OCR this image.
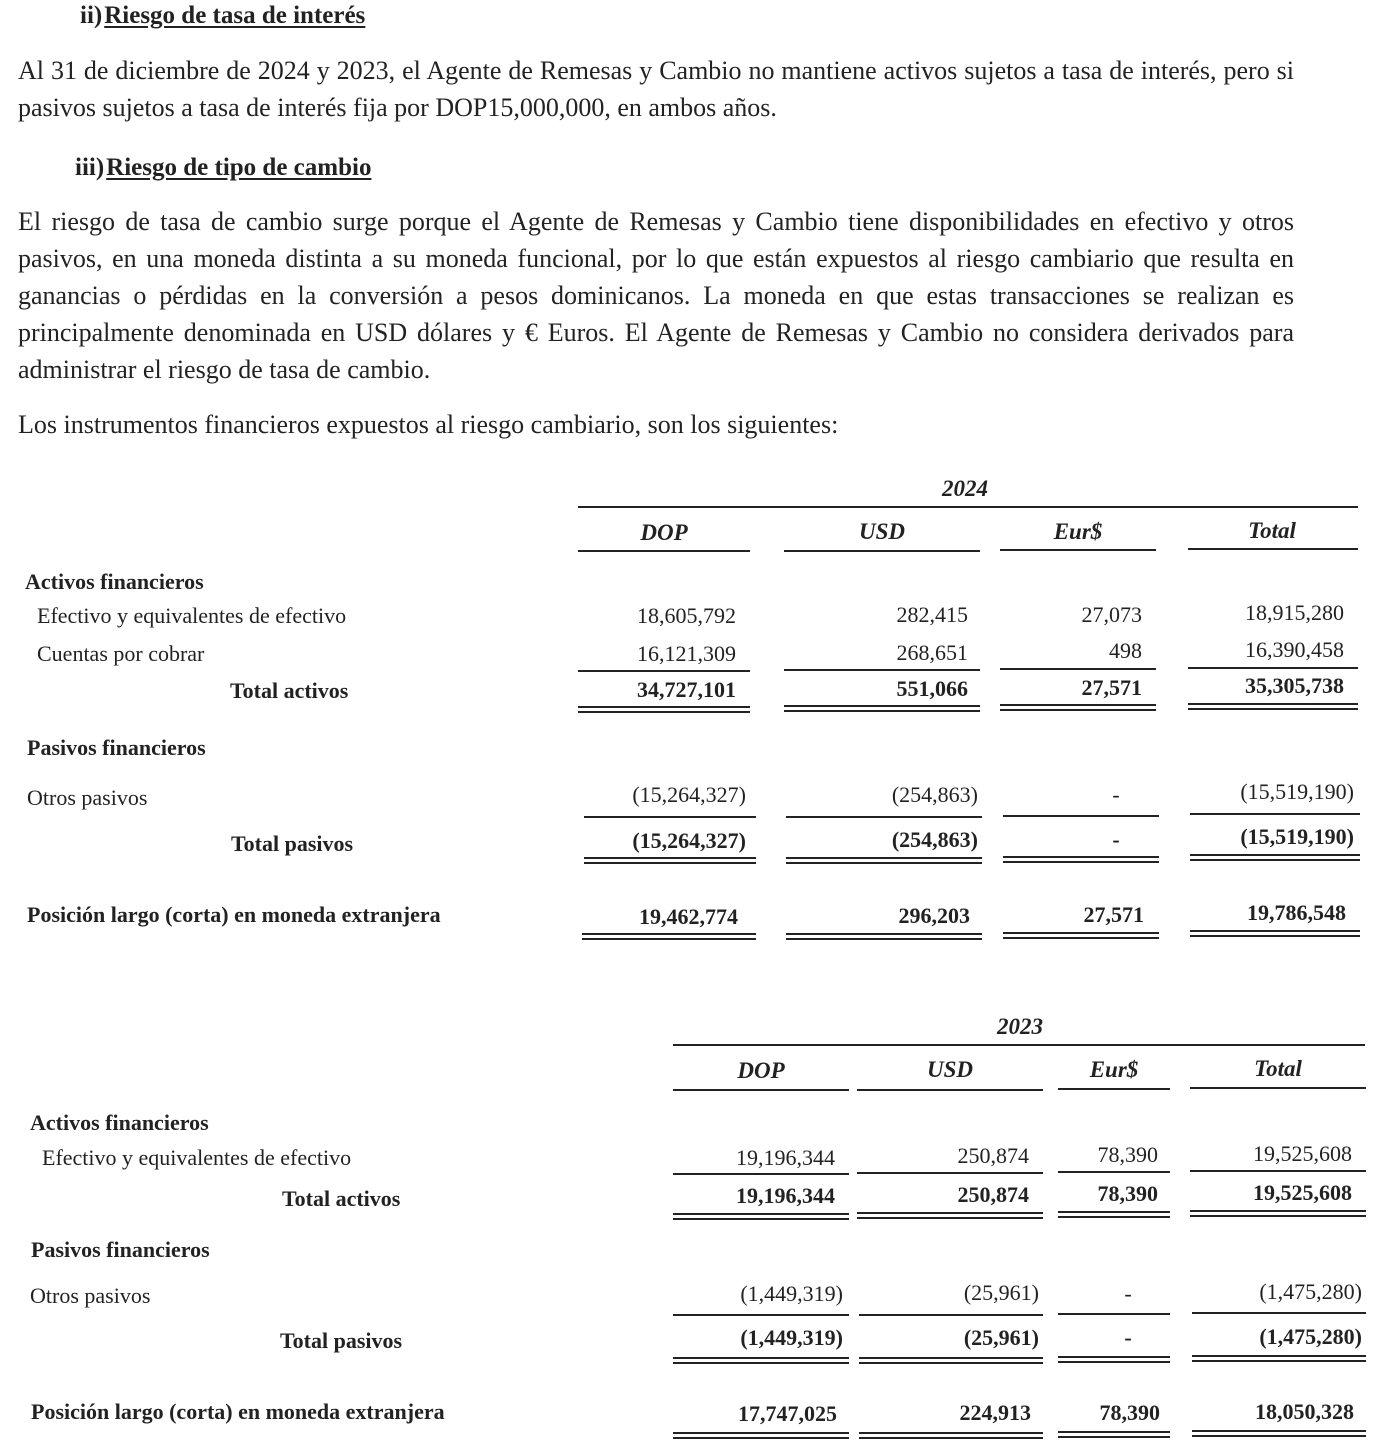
ii)Riesgo de tasa de interés

Al 31 de diciembre de 2024 y 2023, el Agente de Remesas y Cambio no mantiene activos sujetos a tasa de interés, pero si pasivos sujetos a tasa de interés fija por DOP15,000,000, en ambos años.

iii)Riesgo de tipo de cambio

El riesgo de tasa de cambio surge porque el Agente de Remesas y Cambio tiene disponibilidades en efectivo y otros pasivos, en una moneda distinta a su moneda funcional, por lo que están expuestos al riesgo cambiario que resulta en ganancias o pérdidas en la conversión a pesos dominicanos. La moneda en que estas transacciones se realizan es principalmente denominada en USD dólares y € Euros. El Agente de Remesas y Cambio no considera derivados para administrar el riesgo de tasa de cambio.

Los instrumentos financieros expuestos al riesgo cambiario, son los siguientes:

2024
DOP	USD	Eur$	Total
Activos financieros
Efectivo y equivalentes de efectivo	18,605,792	282,415	27,073	18,915,280
Cuentas por cobrar	16,121,309	268,651	498	16,390,458
Total activos	34,727,101	551,066	27,571	35,305,738
Pasivos financieros
Otros pasivos	(15,264,327)	(254,863)	-	(15,519,190)
Total pasivos	(15,264,327)	(254,863)	-	(15,519,190)
Posición largo (corta) en moneda extranjera	19,462,774	296,203	27,571	19,786,548
2023
DOP	USD	Eur$	Total
Activos financieros
Efectivo y equivalentes de efectivo	19,196,344	250,874	78,390	19,525,608
Total activos	19,196,344	250,874	78,390	19,525,608
Pasivos financieros
Otros pasivos	(1,449,319)	(25,961)	-	(1,475,280)
Total pasivos	(1,449,319)	(25,961)	-	(1,475,280)
Posición largo (corta) en moneda extranjera	17,747,025	224,913	78,390	18,050,328
